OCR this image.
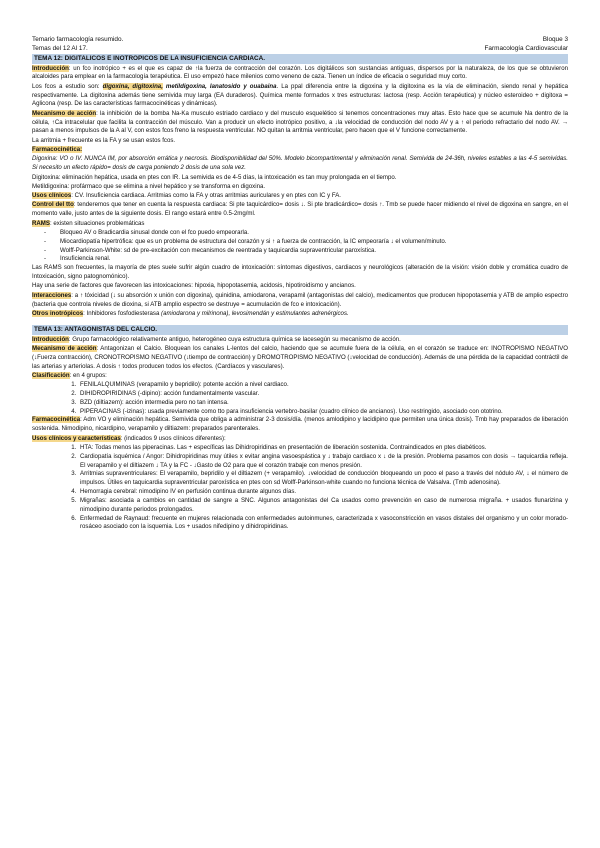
Temario farmacología resumido.
Temas del 12 Al 17.
Bloque 3
Farmacología Cardiovascular
TEMA 12: DIGITALICOS E INOTROPICOS DE LA INSUFICIENCIA CARDIACA.

Introducción: un fco inotrópico + es el que es capaz de ↑la fuerza de contracción del corazón. Los digitálicos son sustancias antiguas, dispersos por la naturaleza, de los que se obtuvieron alcaloides para emplear en la farmacología terapéutica. El uso empezó hace milenios como veneno de caza. Tienen un índice de eficacia o seguridad muy corto.

Los fcos a estudio son: digoxina, digitoxina, metildigoxina, lanatosido y ouabaina. La ppal diferencia entre la digoxina y la digitoxina es la vía de eliminación, siendo renal y hepática respectivamente. La digitoxina además tiene semivida muy larga (EA duraderos). Química mente formados x tres estructuras: lactosa (resp. Acción terapéutica) y núcleo esteroideo + digitoxa = Aglicona (resp. De las características farmacocinéticas y dinámicas).

Mecanismo de acción: la inhibición de la bomba Na-Ka musculo estriado cardiaco y del musculo esquelético si tenemos concentraciones muy altas. Esto hace que se acumule Na dentro de la célula, ↑Ca intracelular que facilita la contracción del músculo. Van a producir un efecto inotrópico positivo, a ↓la velocidad de conducción del nodo AV y a ↑ el periodo refractario del nodo AV. → pasan a menos impulsos de la A al V, con estos fcos freno la respuesta ventricular. NO quitan la arritmia ventricular, pero hacen que el V funcione correctamente.

La arritmia + frecuente es la FA y se usan estos fcos.

Farmacocinética:

Digoxina: VO o IV. NUNCA IM, por absorción errática y necrosis. Biodisponibilidad del 50%. Modelo bicompartimental y eliminación renal. Semivida de 24-36h, niveles estables a las 4-5 semividas. Si necesito un efecto rápido= dosis de carga poniendo 2 dosis de una sola vez.

Digitoxina: eliminación hepática, usada en ptes con IR. La semivida es de 4-5 días, la intoxicación es tan muy prolongada en el tiempo.

Metildigoxina: profármaco que se elimina a nivel hepático y se transforma en digoxina.

Usos clínicos: CV. Insuficiencia cardiaca. Arritmias como la FA y otras arritmias auriculares y en ptes con IC y FA.

Control del tto: tenderemos que tener en cuenta la respuesta cardiaca: Si pte taquicárdico= dosis ↓. Si pte bradicárdico= dosis ↑. Tmb se puede hacer midiendo el nivel de digoxina en sangre, en el momento valle, justo antes de la siguiente dosis. El rango estará entre 0.5-2mg/ml.

RAMS: existen situaciones problemáticas

- Bloqueo AV o Bradicardia sinusal donde con el fco puedo empeorarla.
- Miocardiopatía hipertrófica: que es un problema de estructura del corazón y si ↑ a fuerza de contracción, la IC empeoraría ↓ el volumen/minuto.
- Wolff-Parkinson-White: sd de pre-excitación con mecanismos de reentrada y taquicardia supraventricular paroxística.
- Insuficiencia renal.

Las RAMS son frecuentes, la mayoría de ptes suele sufrir algún cuadro de intoxicación: síntomas digestivos, cardiacos y neurológicos (alteración de la visión: visión doble y cromática cuadro de Intoxicación, signo patognomónico).

Hay una serie de factores que favorecen las intoxicaciones: hipoxia, hipopotasemia, acidosis, hipotiroidismo y ancianos.

Interacciones: a ↑ tóxicidad (↓ su absorción x unión con digoxina), quinidina, amiodarona, verapamil (antagonistas del calcio), medicamentos que producen hipopotasemia y ATB de amplio espectro (bacteria que controla niveles de dioxina, si ATB amplio espectro se destruye = acumulación de fco e intoxicación).

Otros inotrópicos: Inhibidores fosfodiesterasa (amiodarona y milrinona), levosimendán y estimulantes adrenérgicos.

TEMA 13: ANTAGONISTAS DEL CALCIO.

Introducción: Grupo farmacológico relativamente antiguo, heterogéneo cuya estructura química se lacesegún su mecanismo de acción.

Mecanismo de acción: Antagonizan el Calcio. Bloquean los canales L-lentos del calcio, haciendo que se acumule fuera de la célula, en el corazón se traduce en: INOTROPISMO NEGATIVO (↓Fuerza contracción), CRONOTROPISMO NEGATIVO (↓tiempo de contracción) y DROMOTROPISMO NEGATIVO (↓velocidad de conducción). Además de una pérdida de la capacidad contráctil de las arterias y arteriolas. A dosis ↑ todos producen todos los efectos. (Cardíacos y vasculares).

Clasificación: en 4 grupos:

1. FENILALQUIMINAS (verapamilo y bepridilo): potente acción a nivel cardiaco.
2. DIHIDROPIRIDINAS (-dipino): acción fundamentalmente vascular.
3. BZD (diltiazem): acción intermedia pero no tan intensa.
4. PIPERACINAS (-izinas): usada previamente como tto para insuficiencia vertebro-basilar (cuadro clínico de ancianos). Uso restringido, asociado con ototrino.

Farmacocinética: Adm VO y eliminación hepática. Semivida que obliga a administrar 2-3 dosis/día. (menos amlodipino y lacidipino que permiten una única dosis). Tmb hay preparados de liberación sostenida. Nimodipino, nicardipino, verapamilo y diltiazem: preparados parenterales.

Usos clínicos y características: (indicados 9 usos clínicos diferentes):

1. HTA: Todas menos las piperacinas. Las + específicas las Dihidropiridinas en presentación de liberación sostenida. Contraindicados en ptes diabéticos.
2. Cardiopatía isquémica / Angor: Dihidropiridinas muy útiles x evitar angina vasoespástica y ↓ trabajo cardiaco x ↓ de la presión. Problema pasamos con dosis → taquicardia refleja. El verapamilo y el diltiazem ↓ TA y la FC - ↓Gasto de O2 para que el corazón trabaje con menos presión.
3. Arritmias supraventriculares: El verapamilo, bepridilo y el diltiazem (+ verapamilo). ↓velocidad de conducción bloqueando un poco el paso a través del nódulo AV, ↓ el número de impulsos. Útiles en taquicardia supraventricular paroxística en ptes con sd Wolff-Parkinson-white cuando no funciona técnica de Valsalva. (Tmb adenosina).
4. Hemorragia cerebral: nimodipino IV en perfusión continua durante algunos días.
5. Migrañas: asociada a cambios en cantidad de sangre a SNC. Algunos antagonistas del Ca usados como prevención en caso de numerosa migraña. + usados flunarizina y nimodipino durante periodos prolongados.
6. Enfermedad de Raynaud: frecuente en mujeres relacionada con enfermedades autoinmunes, caracterizada x vasoconstricción en vasos distales del organismo y un color morado-rosáceo asociado con la isquemia. Los + usados nifedipino y dihidropiridinas.
